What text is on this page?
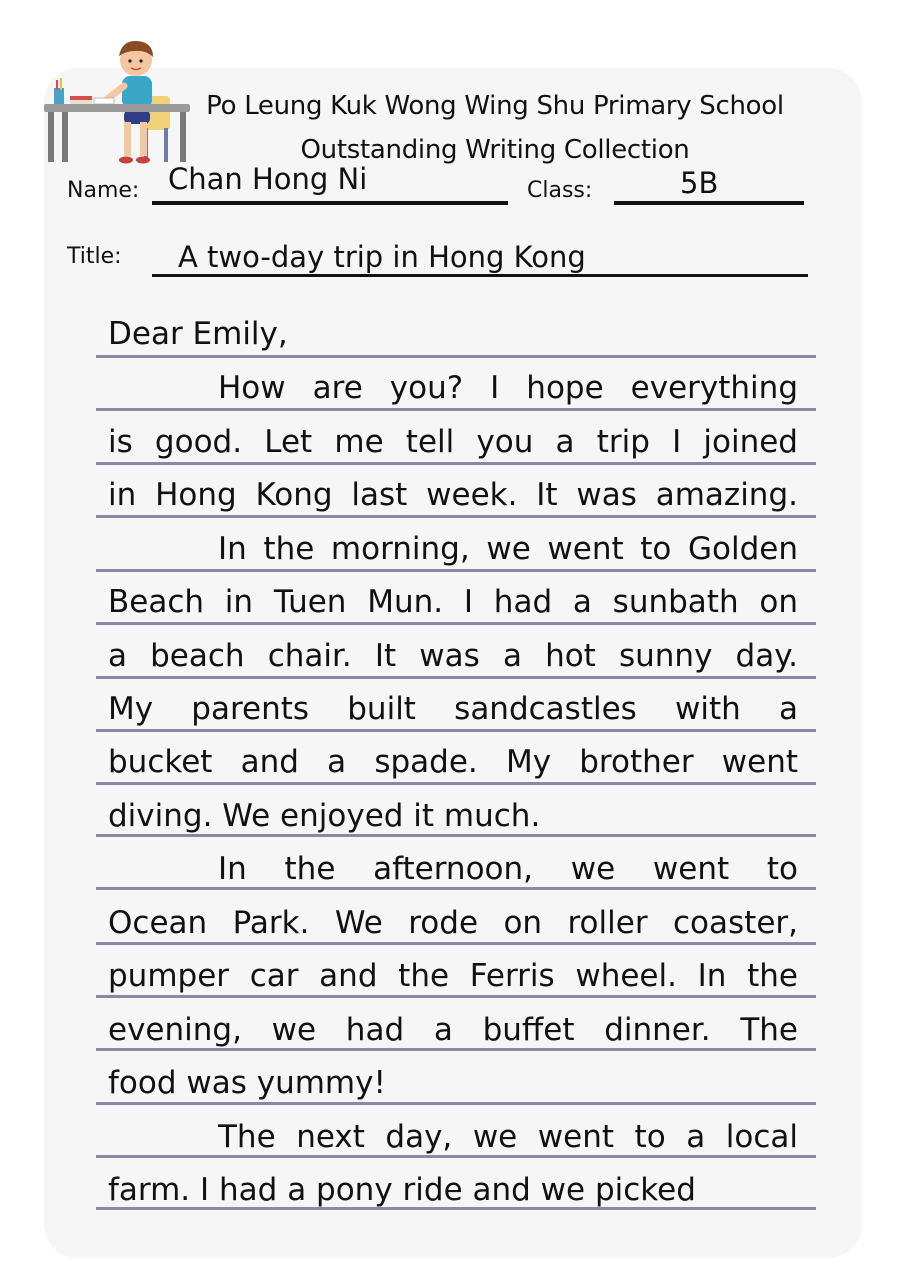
Po Leung Kuk Wong Wing Shu Primary School
Outstanding Writing Collection
Name: Chan Hong Ni	Class:	5B
Title: A two-day trip in Hong Kong
Dear Emily,
How are you? I hope everything
is good. Let me tell you a trip I joined
in Hong Kong last week. It was amazing.
In the morning, we went to Golden
Beach in Tuen Mun. I had a sunbath on
a beach chair. It was a hot sunny day.
My parents built sandcastles with a
bucket and a spade. My brother went
diving. We enjoyed it much.
In the afternoon, we went to
Ocean Park. We rode on roller coaster,
pumper car and the Ferris wheel. In the
evening, we had a buffet dinner. The
food was yummy!
The next day, we went to a local
farm. I had a pony ride and we picked
